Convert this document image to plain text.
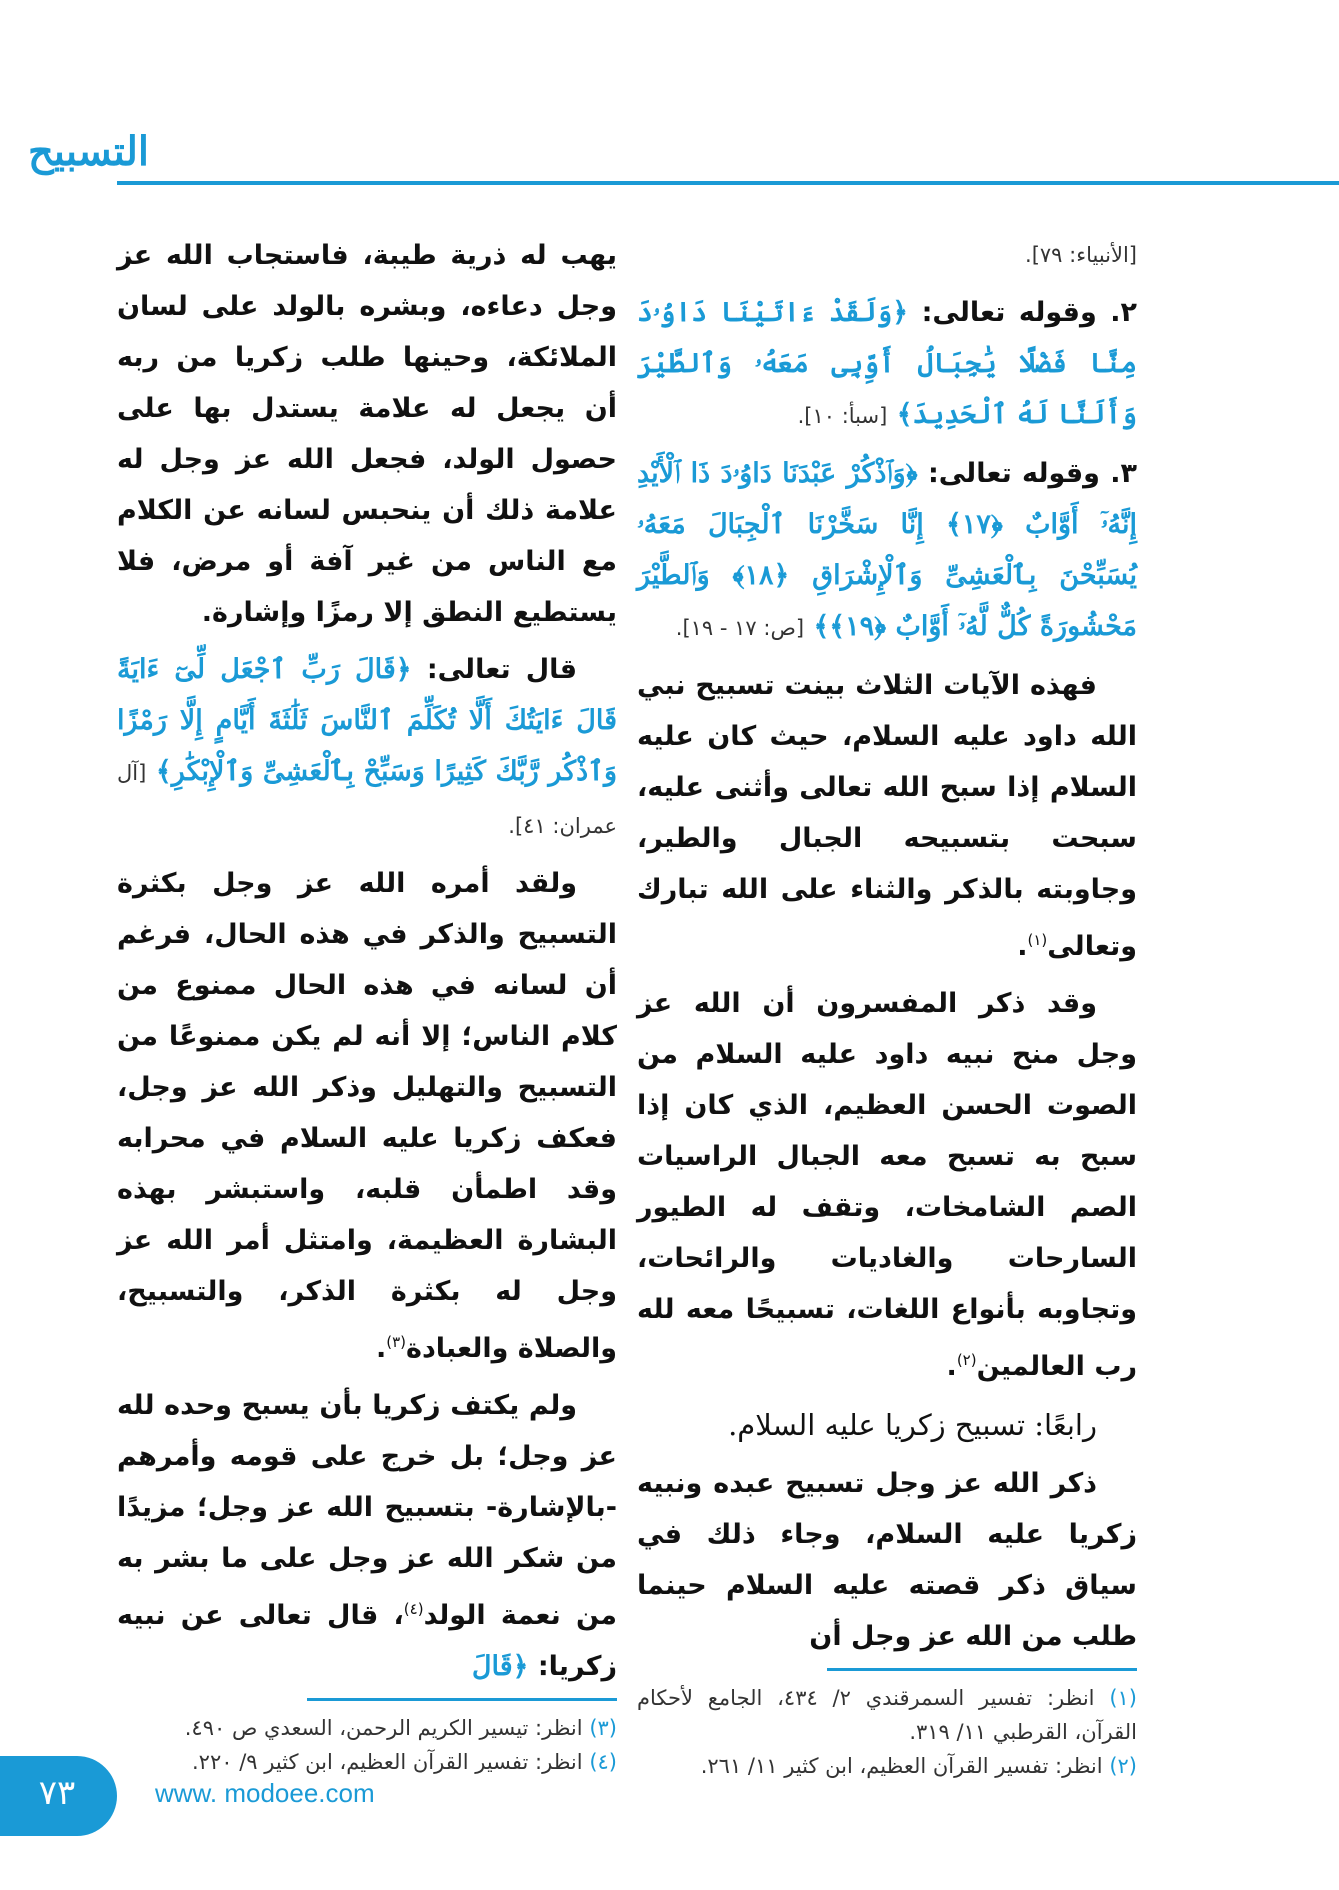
التسبيح

[الأنبياء: ٧٩].

٢. وقوله تعالى: ﴿وَلَقَدْ ءَاتَيْنَا دَاوُۥدَ مِنَّا فَضْلًا يَٰجِبَالُ أَوِّبِى مَعَهُۥ وَٱلطَّيْرَ وَأَلَنَّا لَهُ ٱلْحَدِيدَ﴾ [سبأ: ١٠].

٣. وقوله تعالى: ﴿وَٱذْكُرْ عَبْدَنَا دَاوُۥدَ ذَا ٱلْأَيْدِ إِنَّهُۥٓ أَوَّابٌ ﴿١٧﴾ إِنَّا سَخَّرْنَا ٱلْجِبَالَ مَعَهُۥ يُسَبِّحْنَ بِٱلْعَشِىِّ وَٱلْإِشْرَاقِ ﴿١٨﴾ وَٱلطَّيْرَ مَحْشُورَةً كُلٌّ لَّهُۥٓ أَوَّابٌ ﴿١٩﴾﴾ [ص: ١٧ - ١٩].

فهذه الآيات الثلاث بينت تسبيح نبي الله داود عليه السلام، حيث كان عليه السلام إذا سبح الله تعالى وأثنى عليه، سبحت بتسبيحه الجبال والطير، وجاوبته بالذكر والثناء على الله تبارك وتعالى$^{(١)}$.

وقد ذكر المفسرون أن الله عز وجل منح نبيه داود عليه السلام من الصوت الحسن العظيم، الذي كان إذا سبح به تسبح معه الجبال الراسيات الصم الشامخات، وتقف له الطيور السارحات والغاديات والرائحات، وتجاوبه بأنواع اللغات، تسبيحًا معه لله رب العالمين$^{(٢)}$.

رابعًا: تسبيح زكريا عليه السلام.

ذكر الله عز وجل تسبيح عبده ونبيه زكريا عليه السلام، وجاء ذلك في سياق ذكر قصته عليه السلام حينما طلب من الله عز وجل أن

(١) انظر: تفسير السمرقندي ٢/ ٤٣٤، الجامع لأحكام القرآن، القرطبي ١١/ ٣١٩.

(٢) انظر: تفسير القرآن العظيم، ابن كثير ١١/ ٢٦١.

يهب له ذرية طيبة، فاستجاب الله عز وجل دعاءه، وبشره بالولد على لسان الملائكة، وحينها طلب زكريا من ربه أن يجعل له علامة يستدل بها على حصول الولد، فجعل الله عز وجل له علامة ذلك أن ينحبس لسانه عن الكلام مع الناس من غير آفة أو مرض، فلا يستطيع النطق إلا رمزًا وإشارة.

قال تعالى: ﴿قَالَ رَبِّ ٱجْعَل لِّىٓ ءَايَةً قَالَ ءَايَتُكَ أَلَّا تُكَلِّمَ ٱلنَّاسَ ثَلَٰثَةَ أَيَّامٍ إِلَّا رَمْزًا وَٱذْكُر رَّبَّكَ كَثِيرًا وَسَبِّحْ بِٱلْعَشِىِّ وَٱلْإِبْكَٰرِ﴾ [آل عمران: ٤١].

ولقد أمره الله عز وجل بكثرة التسبيح والذكر في هذه الحال، فرغم أن لسانه في هذه الحال ممنوع من كلام الناس؛ إلا أنه لم يكن ممنوعًا من التسبيح والتهليل وذكر الله عز وجل، فعكف زكريا عليه السلام في محرابه وقد اطمأن قلبه، واستبشر بهذه البشارة العظيمة، وامتثل أمر الله عز وجل له بكثرة الذكر، والتسبيح، والصلاة والعبادة$^{(٣)}$.

ولم يكتف زكريا بأن يسبح وحده لله عز وجل؛ بل خرج على قومه وأمرهم -بالإشارة- بتسبيح الله عز وجل؛ مزيدًا من شكر الله عز وجل على ما بشر به من نعمة الولد$^{(٤)}$، قال تعالى عن نبيه زكريا: ﴿قَالَ

(٣) انظر: تيسير الكريم الرحمن، السعدي ص ٤٩٠.

(٤) انظر: تفسير القرآن العظيم، ابن كثير ٩/ ٢٢٠.

٧٣	www. modoee.com
